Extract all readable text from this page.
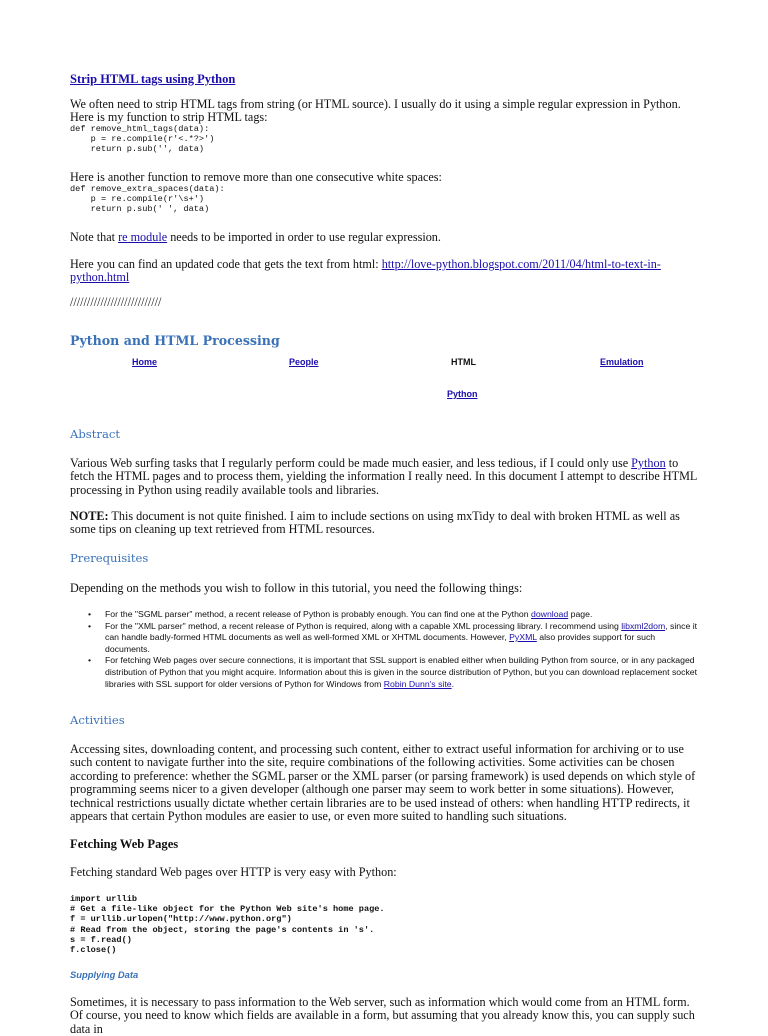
Strip HTML tags using Python

We often need to strip HTML tags from string (or HTML source). I usually do it using a simple regular expression in Python. Here is my function to strip HTML tags:

def remove_html_tags(data):
p = re.compile(r'<.*?>')
return p.sub('', data)

Here is another function to remove more than one consecutive white spaces:

def remove_extra_spaces(data):
p = re.compile(r'\s+')
return p.sub(' ', data)

Note that re module needs to be imported in order to use regular expression.

Here you can find an updated code that gets the text from html: http://love-python.blogspot.com/2011/04/html-to-text-in-python.html

///////////////////////////

Python and HTML Processing
Home	People	HTML	Emulation
Python
Abstract

Various Web surfing tasks that I regularly perform could be made much easier, and less tedious, if I could only use Python to fetch the HTML pages and to process them, yielding the information I really need. In this document I attempt to describe HTML processing in Python using readily available tools and libraries.

NOTE: This document is not quite finished. I aim to include sections on using mxTidy to deal with broken HTML as well as some tips on cleaning up text retrieved from HTML resources.

Prerequisites

Depending on the methods you wish to follow in this tutorial, you need the following things:

• For the "SGML parser" method, a recent release of Python is probably enough. You can find one at the Python download page.
• For the "XML parser" method, a recent release of Python is required, along with a capable XML processing library. I recommend using libxml2dom, since it can handle badly-formed HTML documents as well as well-formed XML or XHTML documents. However, PyXML also provides support for such documents.
• For fetching Web pages over secure connections, it is important that SSL support is enabled either when building Python from source, or in any packaged distribution of Python that you might acquire. Information about this is given in the source distribution of Python, but you can download replacement socket libraries with SSL support for older versions of Python for Windows from Robin Dunn's site.
Activities

Accessing sites, downloading content, and processing such content, either to extract useful information for archiving or to use such content to navigate further into the site, require combinations of the following activities. Some activities can be chosen according to preference: whether the SGML parser or the XML parser (or parsing framework) is used depends on which style of programming seems nicer to a given developer (although one parser may seem to work better in some situations). However, technical restrictions usually dictate whether certain libraries are to be used instead of others: when handling HTTP redirects, it appears that certain Python modules are easier to use, or even more suited to handling such situations.

Fetching Web Pages

Fetching standard Web pages over HTTP is very easy with Python:

import urllib
# Get a file-like object for the Python Web site's home page.
f = urllib.urlopen("http://www.python.org")
# Read from the object, storing the page's contents in 's'.
s = f.read()
f.close()
Supplying Data

Sometimes, it is necessary to pass information to the Web server, such as information which would come from an HTML form. Of course, you need to know which fields are available in a form, but assuming that you already know this, you can supply such data in
